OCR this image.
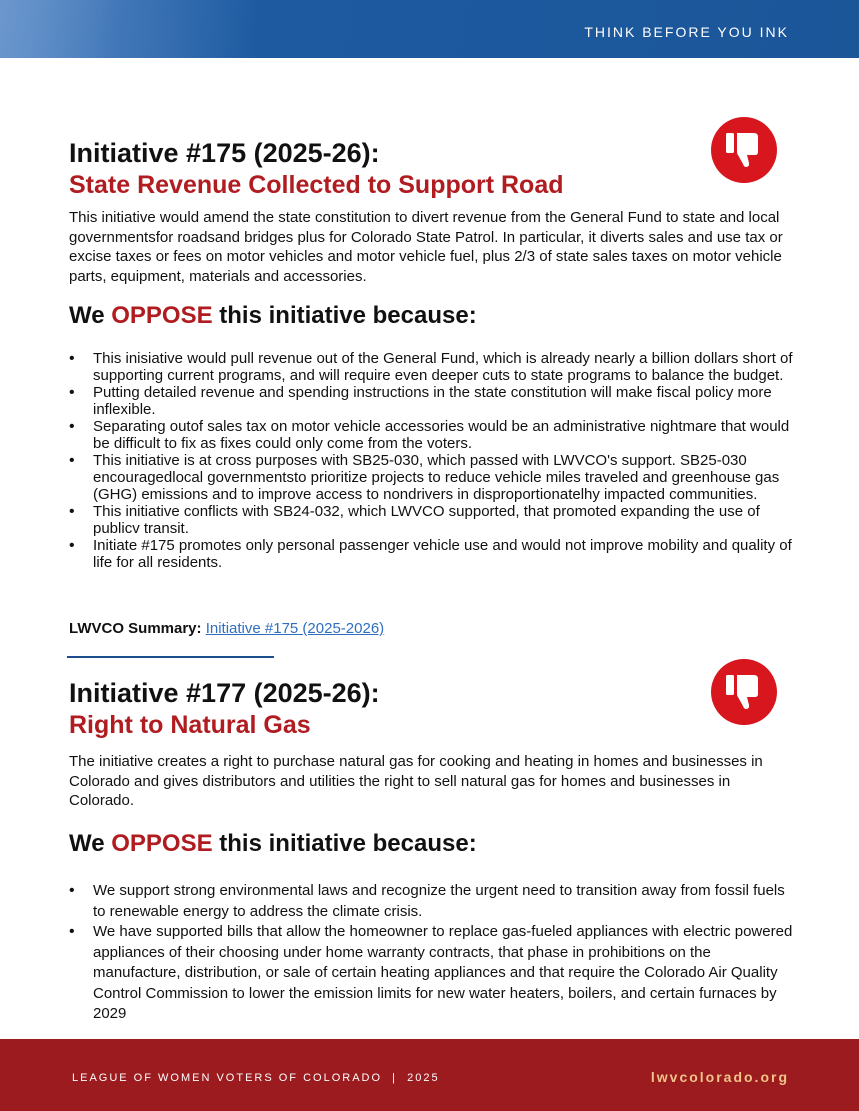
THINK BEFORE YOU INK
Initiative #175 (2025-26):
State Revenue Collected to Support Road

This initiative would amend the state constitution to divert revenue from the General Fund to state and local governmentsfor roadsand bridges plus for Colorado State Patrol. In particular, it diverts sales and use tax or excise taxes or fees on motor vehicles and motor vehicle fuel, plus 2/3 of state sales taxes on motor vehicle parts, equipment, materials and accessories.

We OPPOSE this initiative because:
• This inisiative would pull revenue out of the General Fund, which is already nearly a billion dollars short of supporting current programs, and will require even deeper cuts to state programs to balance the budget.
• Putting detailed revenue and spending instructions in the state constitution will make fiscal policy more inflexible.
• Separating outof sales tax on motor vehicle accessories would be an administrative nightmare that would be difficult to fix as fixes could only come from the voters.
• This initiative is at cross purposes with SB25-030, which passed with LWVCO's support. SB25-030 encouragedlocal governmentsto prioritize projects to reduce vehicle miles traveled and greenhouse gas (GHG) emissions and to improve access to nondrivers in disproportionatelhy impacted communities.
• This initiative conflicts with SB24-032, which LWVCO supported, that promoted expanding the use of publicv transit.
• Initiate #175 promotes only personal passenger vehicle use and would not improve mobility and quality of life for all residents.
LWVCO Summary: Initiative #175 (2025-2026)
Initiative #177 (2025-26):
Right to Natural Gas

The initiative creates a right to purchase natural gas for cooking and heating in homes and businesses in Colorado and gives distributors and utilities the right to sell natural gas for homes and businesses in Colorado.

We OPPOSE this initiative because:
• We support strong environmental laws and recognize the urgent need to transition away from fossil fuels to renewable energy to address the climate crisis.
• We have supported bills that allow the homeowner to replace gas-fueled appliances with electric powered appliances of their choosing under home warranty contracts, that phase in prohibitions on the manufacture, distribution, or sale of certain heating appliances and that require the Colorado Air Quality Control Commission to lower the emission limits for new water heaters, boilers, and certain furnaces by 2029
LEAGUE OF WOMEN VOTERS OF COLORADO  |  2025	lwvcolorado.org
